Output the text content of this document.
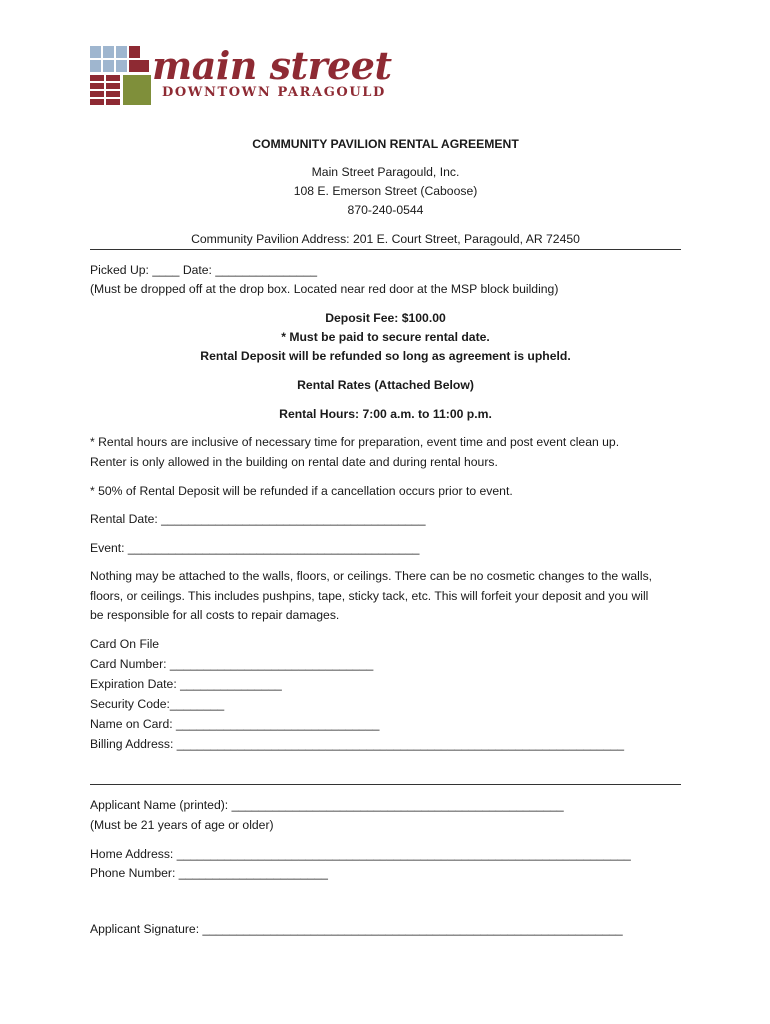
main street
DOWNTOWN PARAGOULD
COMMUNITY PAVILION RENTAL AGREEMENT
Main Street Paragould, Inc.
108 E. Emerson Street (Caboose)
870-240-0544
Community Pavilion Address: 201 E. Court Street, Paragould, AR 72450
Picked Up: ____ Date: _______________
(Must be dropped off at the drop box. Located near red door at the MSP block building)
Deposit Fee: $100.00
* Must be paid to secure rental date.
Rental Deposit will be refunded so long as agreement is upheld.
Rental Rates (Attached Below)
Rental Hours: 7:00 a.m. to 11:00 p.m.
* Rental hours are inclusive of necessary time for preparation, event time and post event clean up.
Renter is only allowed in the building on rental date and during rental hours.
* 50% of Rental Deposit will be refunded if a cancellation occurs prior to event.
Rental Date: _______________________________________
Event: ___________________________________________
Nothing may be attached to the walls, floors, or ceilings. There can be no cosmetic changes to the walls,
floors, or ceilings. This includes pushpins, tape, sticky tack, etc. This will forfeit your deposit and you will
be responsible for all costs to repair damages.
Card On File
Card Number: ______________________________
Expiration Date: _______________
Security Code:________
Name on Card: ______________________________
Billing Address: __________________________________________________________________
Applicant Name (printed): _________________________________________________
(Must be 21 years of age or older)
Home Address: ___________________________________________________________________
Phone Number: ______________________
Applicant Signature: ______________________________________________________________
